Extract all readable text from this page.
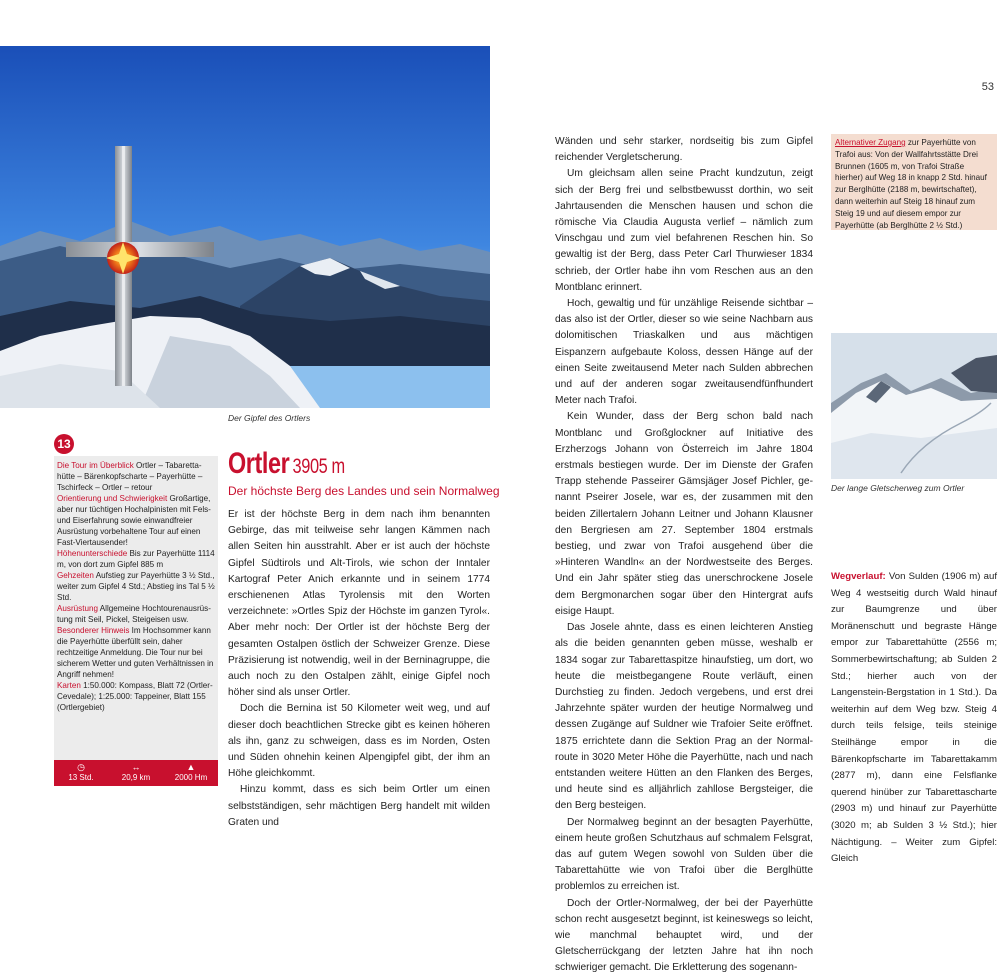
Der Gipfel des Ortlers
53
13

Die Tour im Überblick Ortler – Tabarettahütte – Bärenkopfscharte – Payerhütte – Tschirfeck – Ortler – retour

Orientierung und Schwierigkeit Großartige, aber nur tüchtigen Hochalpinisten mit Fels- und Eiserfahrung sowie einwandfreier Ausrüstung vorbehaltene Tour auf einen Fast-Viertausender!

Höhenunterschiede Bis zur Payerhütte 1114 m, von dort zum Gipfel 885 m

Gehzeiten Aufstieg zur Payerhütte 3 ½ Std., weiter zum Gipfel 4 Std.; Abstieg ins Tal 5 ½ Std.

Ausrüstung Allgemeine Hochtourenausrüstung mit Seil, Pickel, Steigeisen usw.

Besonderer Hinweis Im Hochsommer kann die Payerhütte überfüllt sein, daher rechtzeitige Anmeldung. Die Tour nur bei sicherem Wetter und guten Verhältnissen in Angriff nehmen!

Karten 1:50.000: Kompass, Blatt 72 (Ortler-Cevedale); 1:25.000: Tappeiner, Blatt 155 (Ortlergebiet)

◷
13 Std.
↔
20,9 km
▲
2000 Hm
Ortler 3905 m
Der höchste Berg des Landes und sein Normalweg

Er ist der höchste Berg in dem nach ihm benannten Gebirge, das mit teilweise sehr langen Kämmen nach allen Seiten hin ausstrahlt. Aber er ist auch der höchste Gipfel Südtirols und Alt-Tirols, wie schon der Inntaler Kartograf Peter Anich erkannte und in seinem 1774 erschienenen Atlas Tyrolensis mit den Worten verzeichnete: »Ortles Spiz der Höchste im ganzen Tyrol«. Aber mehr noch: Der Ortler ist der höchste Berg der gesamten Ostalpen östlich der Schweizer Grenze. Diese Präzisierung ist notwendig, weil in der Berninagruppe, die auch noch zu den Ostalpen zählt, einige Gipfel noch höher sind als unser Ortler.

Doch die Bernina ist 50 Kilometer weit weg, und auf dieser doch beachtlichen Strecke gibt es keinen höheren als ihn, ganz zu schweigen, dass es im Norden, Osten und Süden ohnehin keinen Alpengipfel gibt, der ihm an Höhe gleichkommt.

Hinzu kommt, dass es sich beim Ortler um einen selbstständigen, sehr mächtigen Berg handelt mit wilden Graten und

Wänden und sehr starker, nordseitig bis zum Gipfel reichender Vergletscherung.

Um gleichsam allen seine Pracht kundzutun, zeigt sich der Berg frei und selbstbewusst dorthin, wo seit Jahrtausenden die Menschen hausen und schon die römische Via Claudia Augusta verlief – nämlich zum Vinschgau und zum viel befahrenen Reschen hin. So gewaltig ist der Berg, dass Peter Carl Thurwieser 1834 schrieb, der Ortler habe ihn vom Reschen aus an den Montblanc erinnert.

Hoch, gewaltig und für unzählige Reisende sichtbar – das also ist der Ortler, dieser so wie seine Nachbarn aus dolomitischen Triaskalken und aus mächtigen Eispanzern aufgebaute Koloss, dessen Hänge auf der einen Seite zweitausend Meter nach Sulden abbrechen und auf der anderen sogar zweitausendfünfhundert Meter nach Trafoi.

Kein Wunder, dass der Berg schon bald nach Montblanc und Großglockner auf Initiative des Erzherzogs Johann von Österreich im Jahre 1804 erstmals bestiegen wurde. Der im Dienste der Grafen Trapp stehende Passeirer Gämsjäger Josef Pichler, genannt Pseirer Josele, war es, der zusammen mit den beiden Zillertalern Johann Leitner und Johann Klausner den Bergriesen am 27. September 1804 erstmals bestieg, und zwar von Trafoi ausgehend über die »Hinteren Wandln« an der Nordwestseite des Berges. Und ein Jahr später stieg das unerschrockene Josele dem Bergmonarchen sogar über den Hintergrat aufs eisige Haupt.

Das Josele ahnte, dass es einen leichteren Anstieg als die beiden genannten geben müsse, weshalb er 1834 sogar zur Tabarettaspitze hinaufstieg, um dort, wo heute die meistbegangene Route verläuft, einen Durchstieg zu finden. Jedoch vergebens, und erst drei Jahrzehnte später wurden der heutige Normalweg und dessen Zugänge auf Suldner wie Trafoier Seite eröffnet. 1875 errichtete dann die Sektion Prag an der Normalroute in 3020 Meter Höhe die Payerhütte, nach und nach entstanden weitere Hütten an den Flanken des Berges, und heute sind es alljährlich zahllose Bergsteiger, die den Berg besteigen.

Der Normalweg beginnt an der besagten Payerhütte, einem heute großen Schutzhaus auf schmalem Felsgrat, das auf gutem Wegen sowohl von Sulden über die Tabarettahütte wie von Trafoi über die Berglhütte problemlos zu erreichen ist.

Doch der Ortler-Normalweg, der bei der Payerhütte schon recht ausgesetzt beginnt, ist keineswegs so leicht, wie manchmal behauptet wird, und der Gletscherrückgang der letzten Jahre hat ihn noch schwieriger gemacht. Die Erkletterung des sogenann-

Alternativer Zugang zur Payerhütte von Trafoi aus: Von der Wallfahrtsstätte Drei Brunnen (1605 m, von Trafoi Straße hierher) auf Weg 18 in knapp 2 Std. hinauf zur Berglhütte (2188 m, bewirtschaftet), dann weiterhin auf Steig 18 hinauf zum Steig 19 und auf diesem empor zur Payerhütte (ab Berglhütte 2 ½ Std.)
Der lange Gletscherweg zum Ortler

Wegverlauf: Von Sulden (1906 m) auf Weg 4 westseitig durch Wald hinauf zur Baumgrenze und über Moränenschutt und begraste Hänge empor zur Tabarettahütte (2556 m; Sommerbewirtschaftung; ab Sulden 2 Std.; hierher auch von der Langenstein-Bergstation in 1 Std.). Da weiterhin auf dem Weg bzw. Steig 4 durch teils felsige, teils steinige Steilhänge empor in die Bärenkopfscharte im Tabarettakamm (2877 m), dann eine Felsflanke querend hinüber zur Tabarettascharte (2903 m) und hinauf zur Payerhütte (3020 m; ab Sulden 3 ½ Std.); hier Nächtigung. – Weiter zum Gipfel: Gleich
